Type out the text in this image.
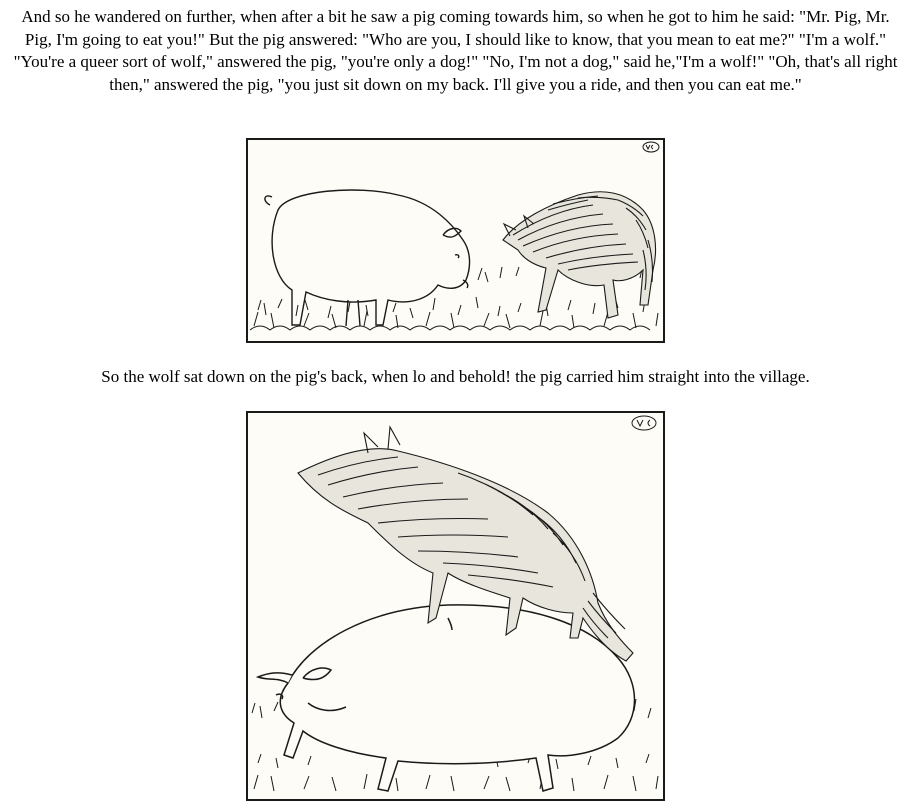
And so he wandered on further, when after a bit he saw a pig coming towards him, so when he got to him he said: "Mr. Pig, Mr. Pig, I'm going to eat you!" But the pig answered: "Who are you, I should like to know, that you mean to eat me?" "I'm a wolf." "You're a queer sort of wolf," answered the pig, "you're only a dog!" "No, I'm not a dog," said he,"I'm a wolf!" "Oh, that's all right then," answered the pig, "you just sit down on my back. I'll give you a ride, and then you can eat me."

So the wolf sat down on the pig's back, when lo and behold! the pig carried him straight into the village.
